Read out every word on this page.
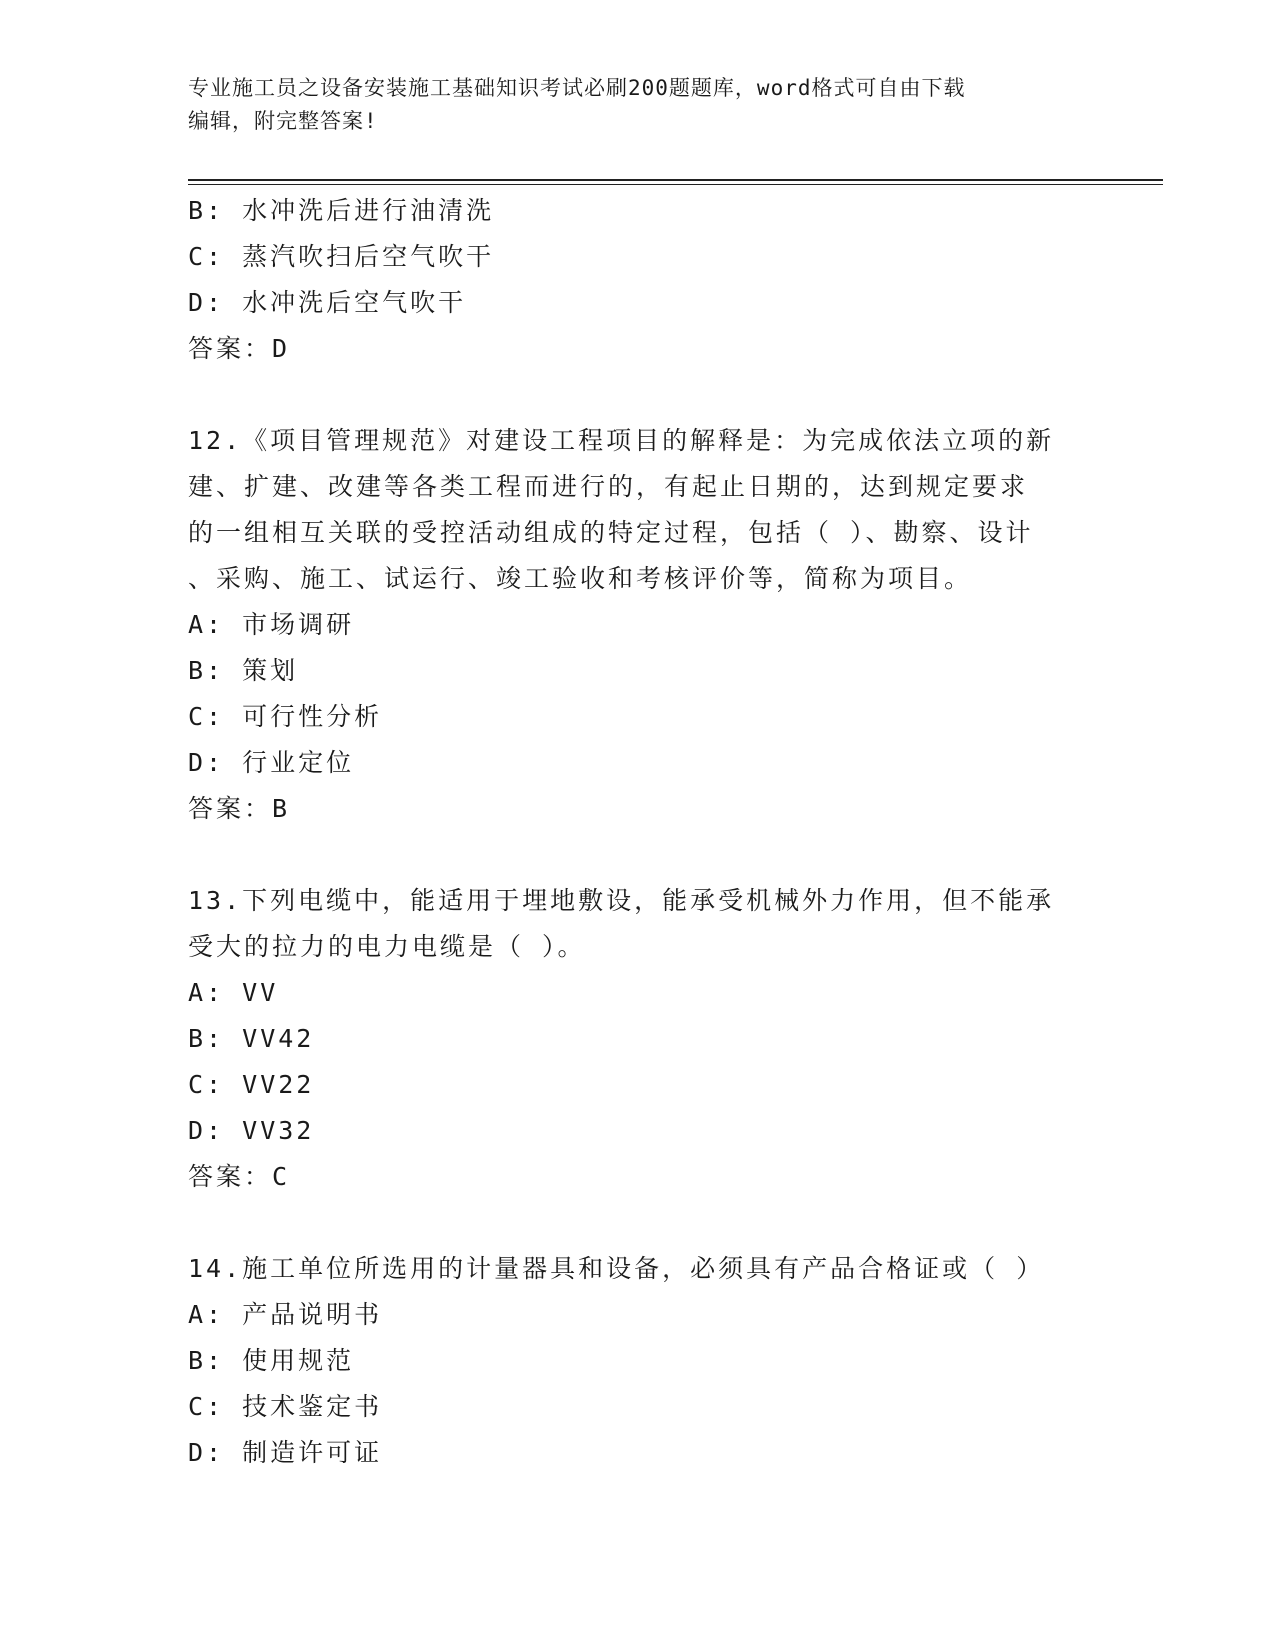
专业施工员之设备安装施工基础知识考试必刷200题题库，word格式可自由下载
编辑，附完整答案!
B: 水冲洗后进行油清洗
C: 蒸汽吹扫后空气吹干
D: 水冲洗后空气吹干
答案：D
12.《项目管理规范》对建设工程项目的解释是：为完成依法立项的新
建、扩建、改建等各类工程而进行的，有起止日期的，达到规定要求
的一组相互关联的受控活动组成的特定过程，包括（ ）、勘察、设计
、采购、施工、试运行、竣工验收和考核评价等，简称为项目。
A: 市场调研
B: 策划
C: 可行性分析
D: 行业定位
答案：B
13.下列电缆中，能适用于埋地敷设，能承受机械外力作用，但不能承
受大的拉力的电力电缆是（ ）。
A: VV
B: VV42
C: VV22
D: VV32
答案：C
14.施工单位所选用的计量器具和设备，必须具有产品合格证或（ ）
A: 产品说明书
B: 使用规范
C: 技术鉴定书
D: 制造许可证
